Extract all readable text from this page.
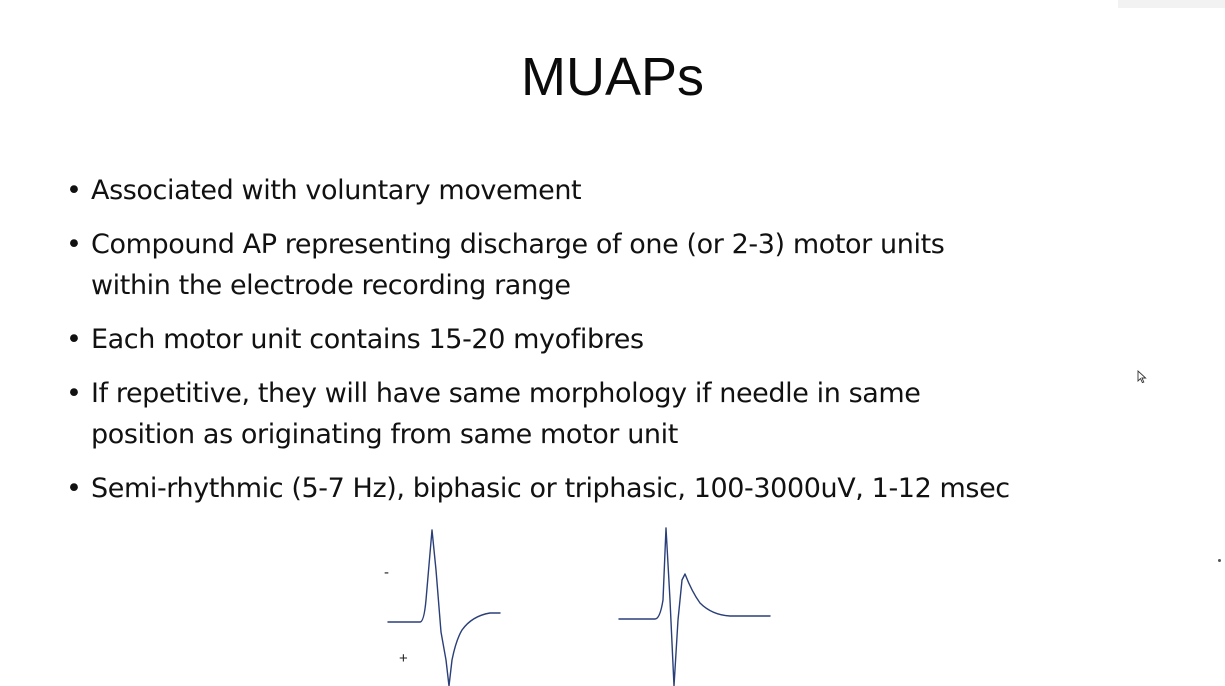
MUAPs
• Associated with voluntary movement
• Compound AP representing discharge of one (or 2-3) motor units
within the electrode recording range
• Each motor unit contains 15-20 myofibres
• If repetitive, they will have same morphology if needle in same
position as originating from same motor unit
• Semi-rhythmic (5-7 Hz), biphasic or triphasic, 100-3000uV, 1-12 msec
-
+
